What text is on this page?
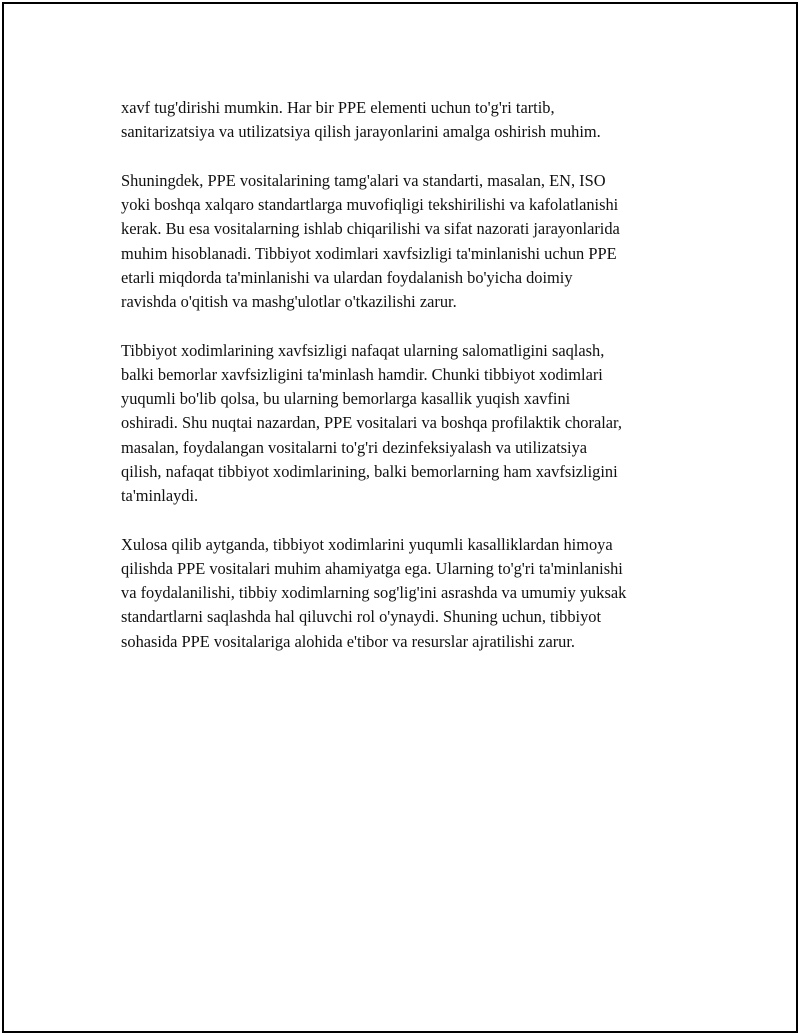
xavf tug'dirishi mumkin. Har bir PPE elementi uchun to'g'ri tartib,
sanitarizatsiya va utilizatsiya qilish jarayonlarini amalga oshirish muhim.

Shuningdek, PPE vositalarining tamg'alari va standarti, masalan, EN, ISO
yoki boshqa xalqaro standartlarga muvofiqligi tekshirilishi va kafolatlanishi
kerak. Bu esa vositalarning ishlab chiqarilishi va sifat nazorati jarayonlarida
muhim hisoblanadi. Tibbiyot xodimlari xavfsizligi ta'minlanishi uchun PPE
etarli miqdorda ta'minlanishi va ulardan foydalanish bo'yicha doimiy
ravishda o'qitish va mashg'ulotlar o'tkazilishi zarur.

Tibbiyot xodimlarining xavfsizligi nafaqat ularning salomatligini saqlash,
balki bemorlar xavfsizligini ta'minlash hamdir. Chunki tibbiyot xodimlari
yuqumli bo'lib qolsa, bu ularning bemorlarga kasallik yuqish xavfini
oshiradi. Shu nuqtai nazardan, PPE vositalari va boshqa profilaktik choralar,
masalan, foydalangan vositalarni to'g'ri dezinfeksiyalash va utilizatsiya
qilish, nafaqat tibbiyot xodimlarining, balki bemorlarning ham xavfsizligini
ta'minlaydi.

Xulosa qilib aytganda, tibbiyot xodimlarini yuqumli kasalliklardan himoya
qilishda PPE vositalari muhim ahamiyatga ega. Ularning to'g'ri ta'minlanishi
va foydalanilishi, tibbiy xodimlarning sog'lig'ini asrashda va umumiy yuksak
standartlarni saqlashda hal qiluvchi rol o'ynaydi. Shuning uchun, tibbiyot
sohasida PPE vositalariga alohida e'tibor va resurslar ajratilishi zarur.
